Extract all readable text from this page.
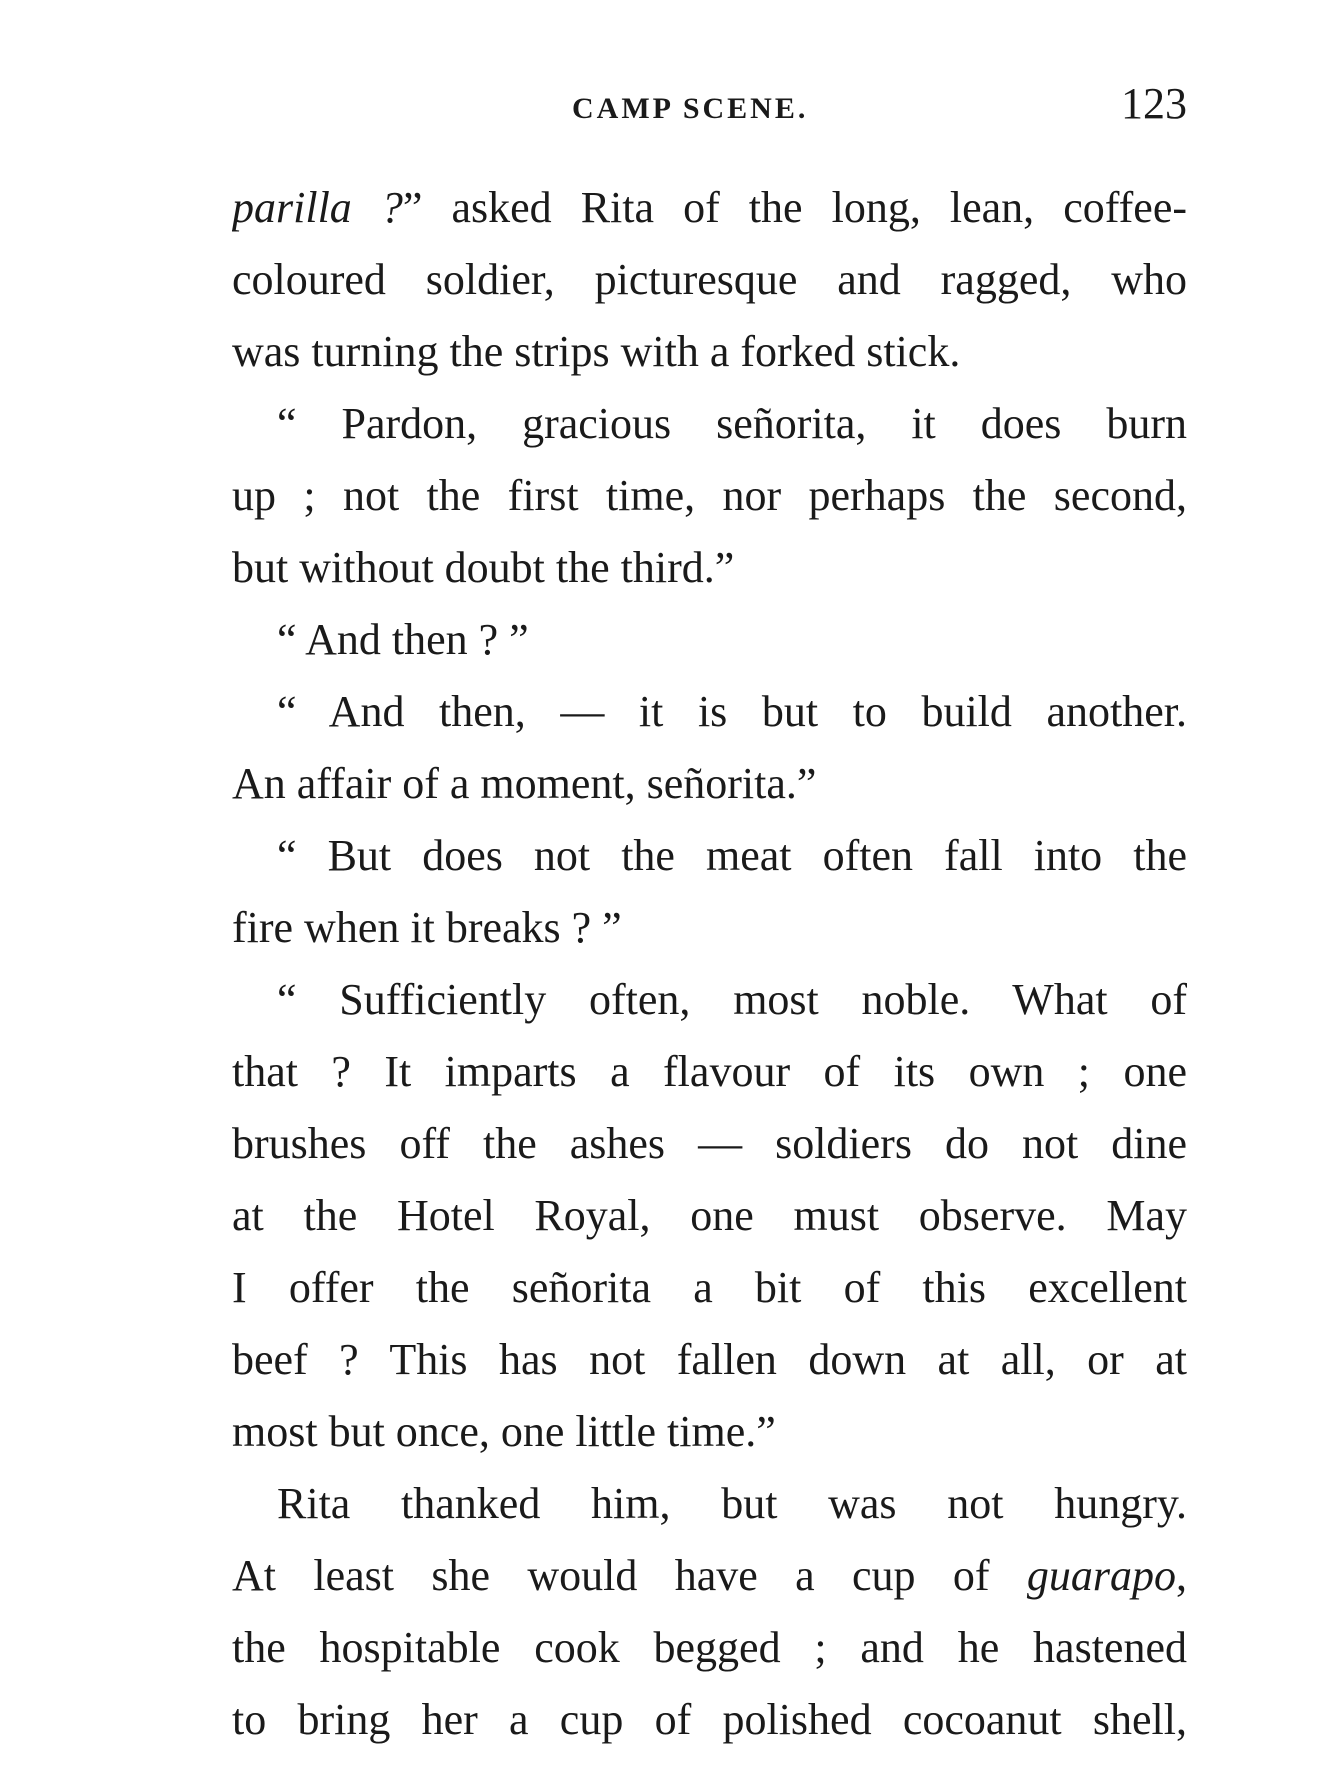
CAMP SCENE.	123
parilla ?” asked Rita of the long, lean, coffee-
coloured soldier, picturesque and ragged, who
was turning the strips with a forked stick.
“ Pardon, gracious señorita, it does burn
up ; not the first time, nor perhaps the second,
but without doubt the third.”
“ And then ? ”
“ And then, — it is but to build another.
An affair of a moment, señorita.”
“ But does not the meat often fall into the
fire when it breaks ? ”
“ Sufficiently often, most noble. What of
that ? It imparts a flavour of its own ; one
brushes off the ashes — soldiers do not dine
at the Hotel Royal, one must observe. May
I offer the señorita a bit of this excellent
beef ? This has not fallen down at all, or at
most but once, one little time.”
Rita thanked him, but was not hungry.
At least she would have a cup of guarapo,
the hospitable cook begged ; and he hastened
to bring her a cup of polished cocoanut shell,
